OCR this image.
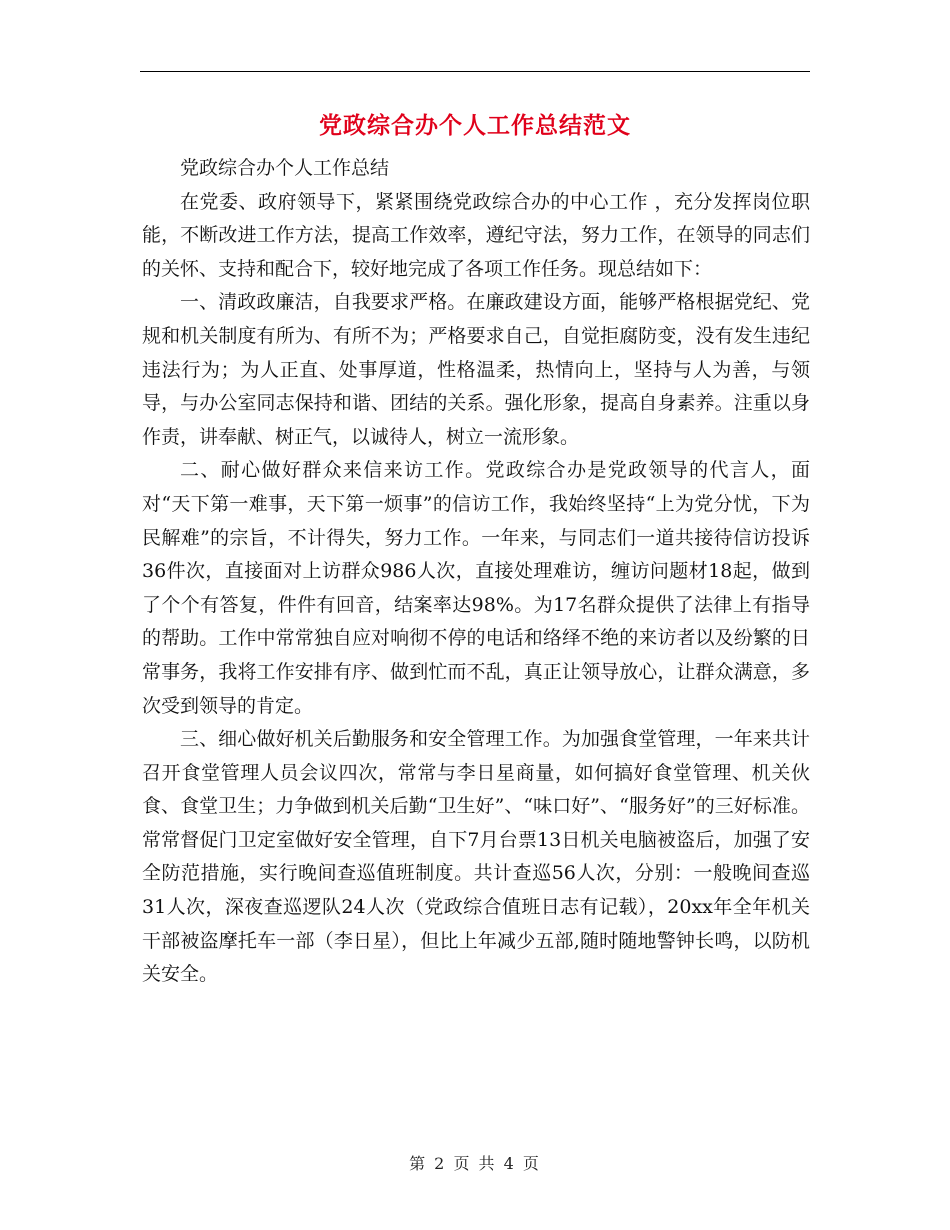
党政综合办个人工作总结范文

党政综合办个人工作总结

在党委、政府领导下，紧紧围绕党政综合办的中心工作 ，充分发挥岗位职能，不断改进工作方法，提高工作效率，遵纪守法，努力工作，在领导的同志们的关怀、支持和配合下，较好地完成了各项工作任务。现总结如下：

一、清政政廉洁，自我要求严格。在廉政建设方面，能够严格根据党纪、党规和机关制度有所为、有所不为；严格要求自己，自觉拒腐防变，没有发生违纪违法行为；为人正直、处事厚道，性格温柔，热情向上，坚持与人为善，与领导，与办公室同志保持和谐、团结的关系。强化形象，提高自身素养。注重以身作责，讲奉献、树正气，以诚待人，树立一流形象。

二、耐心做好群众来信来访工作。党政综合办是党政领导的代言人，面对“天下第一难事，天下第一烦事”的信访工作，我始终坚持“上为党分忧，下为民解难”的宗旨，不计得失，努力工作。一年来，与同志们一道共接待信访投诉36件次，直接面对上访群众986人次，直接处理难访，缠访问题材18起，做到了个个有答复，件件有回音，结案率达98%。为17名群众提供了法律上有指导的帮助。工作中常常独自应对响彻不停的电话和络绎不绝的来访者以及纷繁的日常事务，我将工作安排有序、做到忙而不乱，真正让领导放心，让群众满意，多次受到领导的肯定。

三、细心做好机关后勤服务和安全管理工作。为加强食堂管理，一年来共计召开食堂管理人员会议四次，常常与李日星商量，如何搞好食堂管理、机关伙食、食堂卫生；力争做到机关后勤“卫生好”、“味口好”、“服务好”的三好标准。常常督促门卫定室做好安全管理，自下7月台票13日机关电脑被盗后，加强了安全防范措施，实行晚间查巡值班制度。共计查巡56人次，分别：一般晚间查巡31人次，深夜查巡逻队24人次（党政综合值班日志有记载），20xx年全年机关干部被盗摩托车一部（李日星），但比上年减少五部,随时随地警钟长鸣，以防机关安全。

第 2 页 共 4 页
